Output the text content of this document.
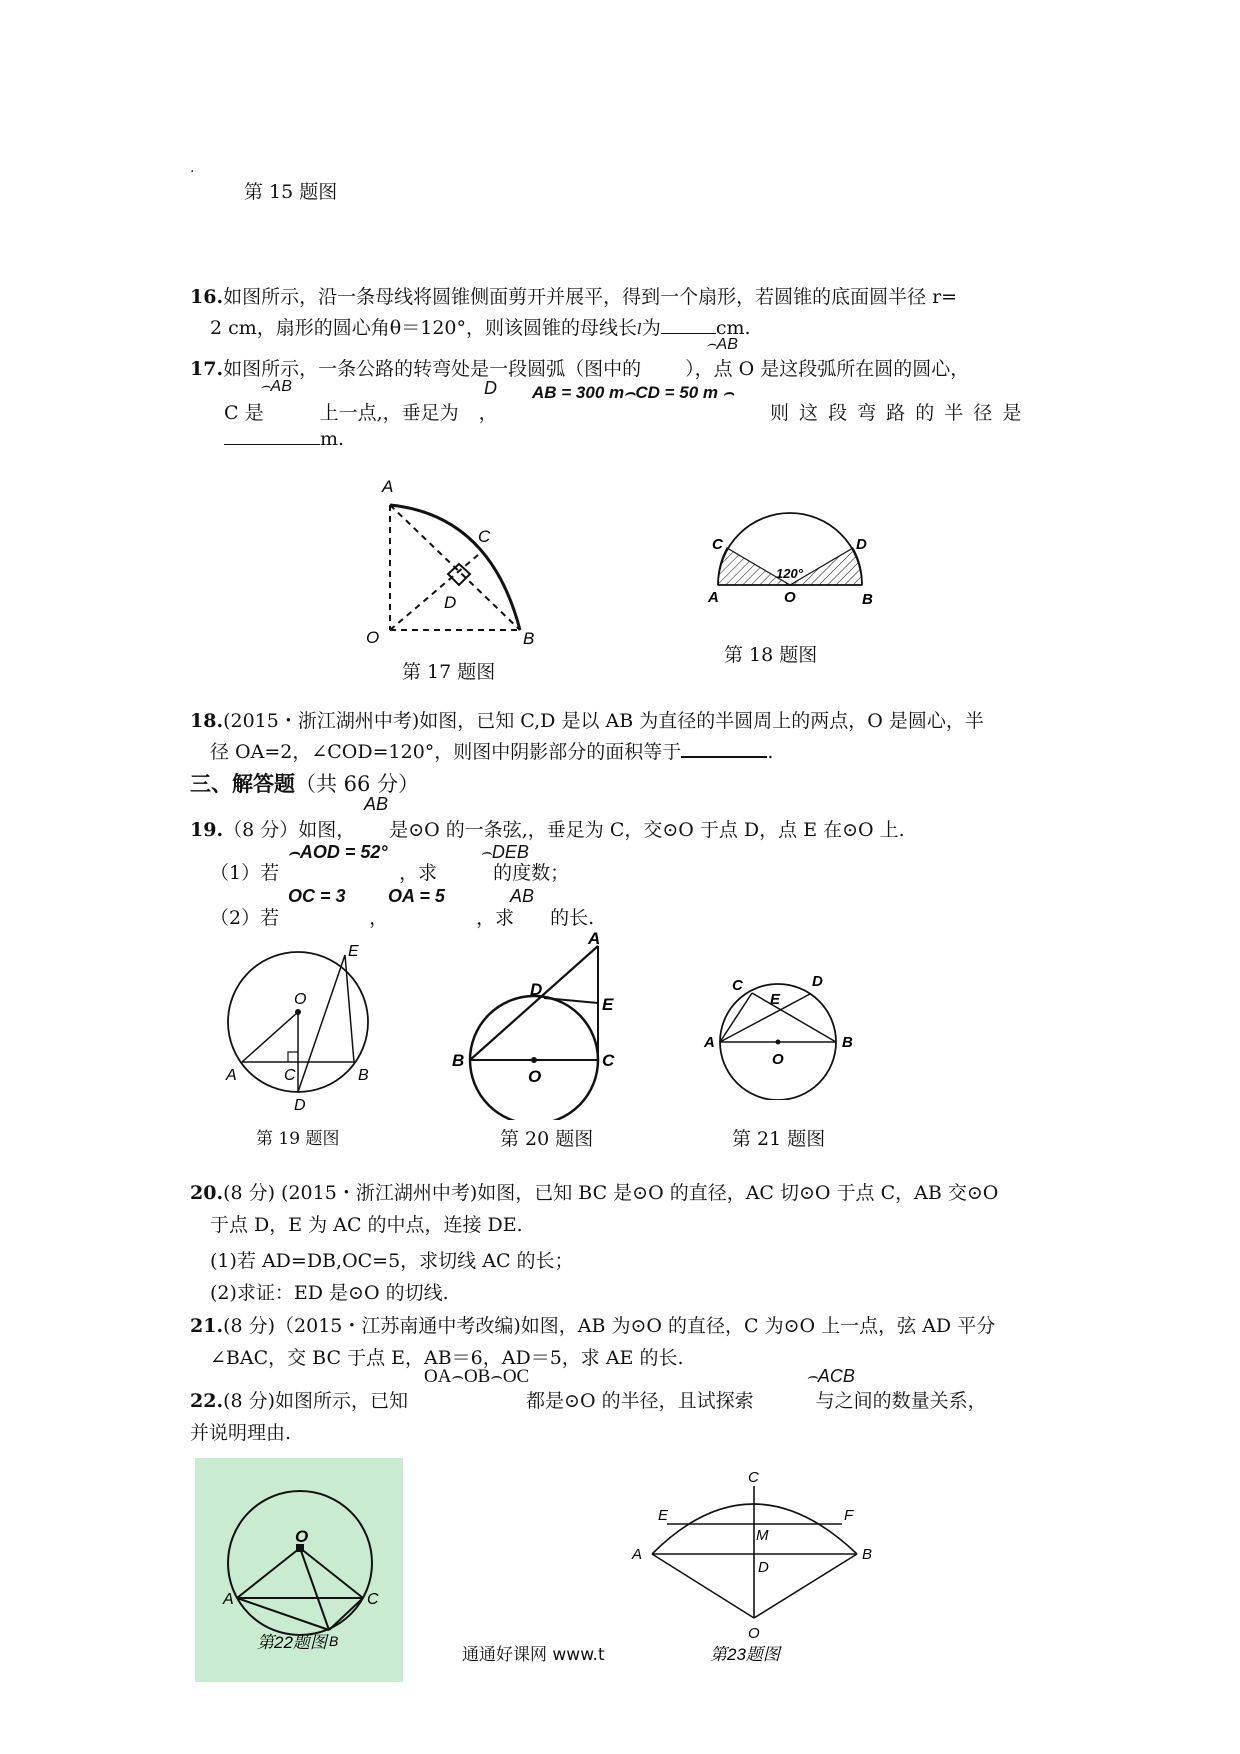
.
第 15 题图
16.如图所示，沿一条母线将圆锥侧面剪开并展平，得到一个扇形，若圆锥的底面圆半径 r=
2 cm，扇形的圆心角θ＝120°，则该圆锥的母线长l为	cm.
⌢AB
17.如图所示，一条公路的转弯处是一段圆弧（图中的 ），点 O 是这段弧所在圆的圆心，
⌢AB	D AB = 300 m⌢CD = 50 m ⌢
C 是	上一点,，垂足为 ，	则 这 段 弯 路 的 半 径 是
m.
A
C
D
O	B
第 17 题图
C	D
120°
A	O	B
第 18 题图
18.(2015・浙江湖州中考)如图，已知 C,D 是以 AB 为直径的半圆周上的两点，O 是圆心，半
径 OA=2，∠COD=120°，则图中阴影部分的面积等于	.
三、解答题（共 66 分）
AB
19.（8 分）如图， 是⊙O 的一条弦,，垂足为 C，交⊙O 于点 D，点 E 在⊙O 上.
⌢AOD = 52°	⌢DEB
（1）若	，求	的度数；
OC = 3 OA = 5	AB
（2）若	，	，求 的长.
E
O
A	C	B
D
第 19 题图
A
D
E
B
O
C
第 20 题图
C	D
E
A
O
B
第 21 题图
20.(8 分) (2015・浙江湖州中考)如图，已知 BC 是⊙O 的直径，AC 切⊙O 于点 C，AB 交⊙O
于点 D，E 为 AC 的中点，连接 DE.
(1)若 AD=DB,OC=5，求切线 AC 的长；
(2)求证：ED 是⊙O 的切线.
21.(8 分)（2015・江苏南通中考改编)如图，AB 为⊙O 的直径，C 为⊙O 上一点，弦 AD 平分
∠BAC，交 BC 于点 E，AB＝6，AD＝5，求 AE 的长.
OA⌢OB⌢OC	⌢ACB
22.(8 分)如图所示，已知	都是⊙O 的半径，且试探索	与之间的数量关系，
并说明理由.
O
A	C
B
第22题图
通通好课网 www.t
C
E	F
M
A
D
B
O
第23题图
